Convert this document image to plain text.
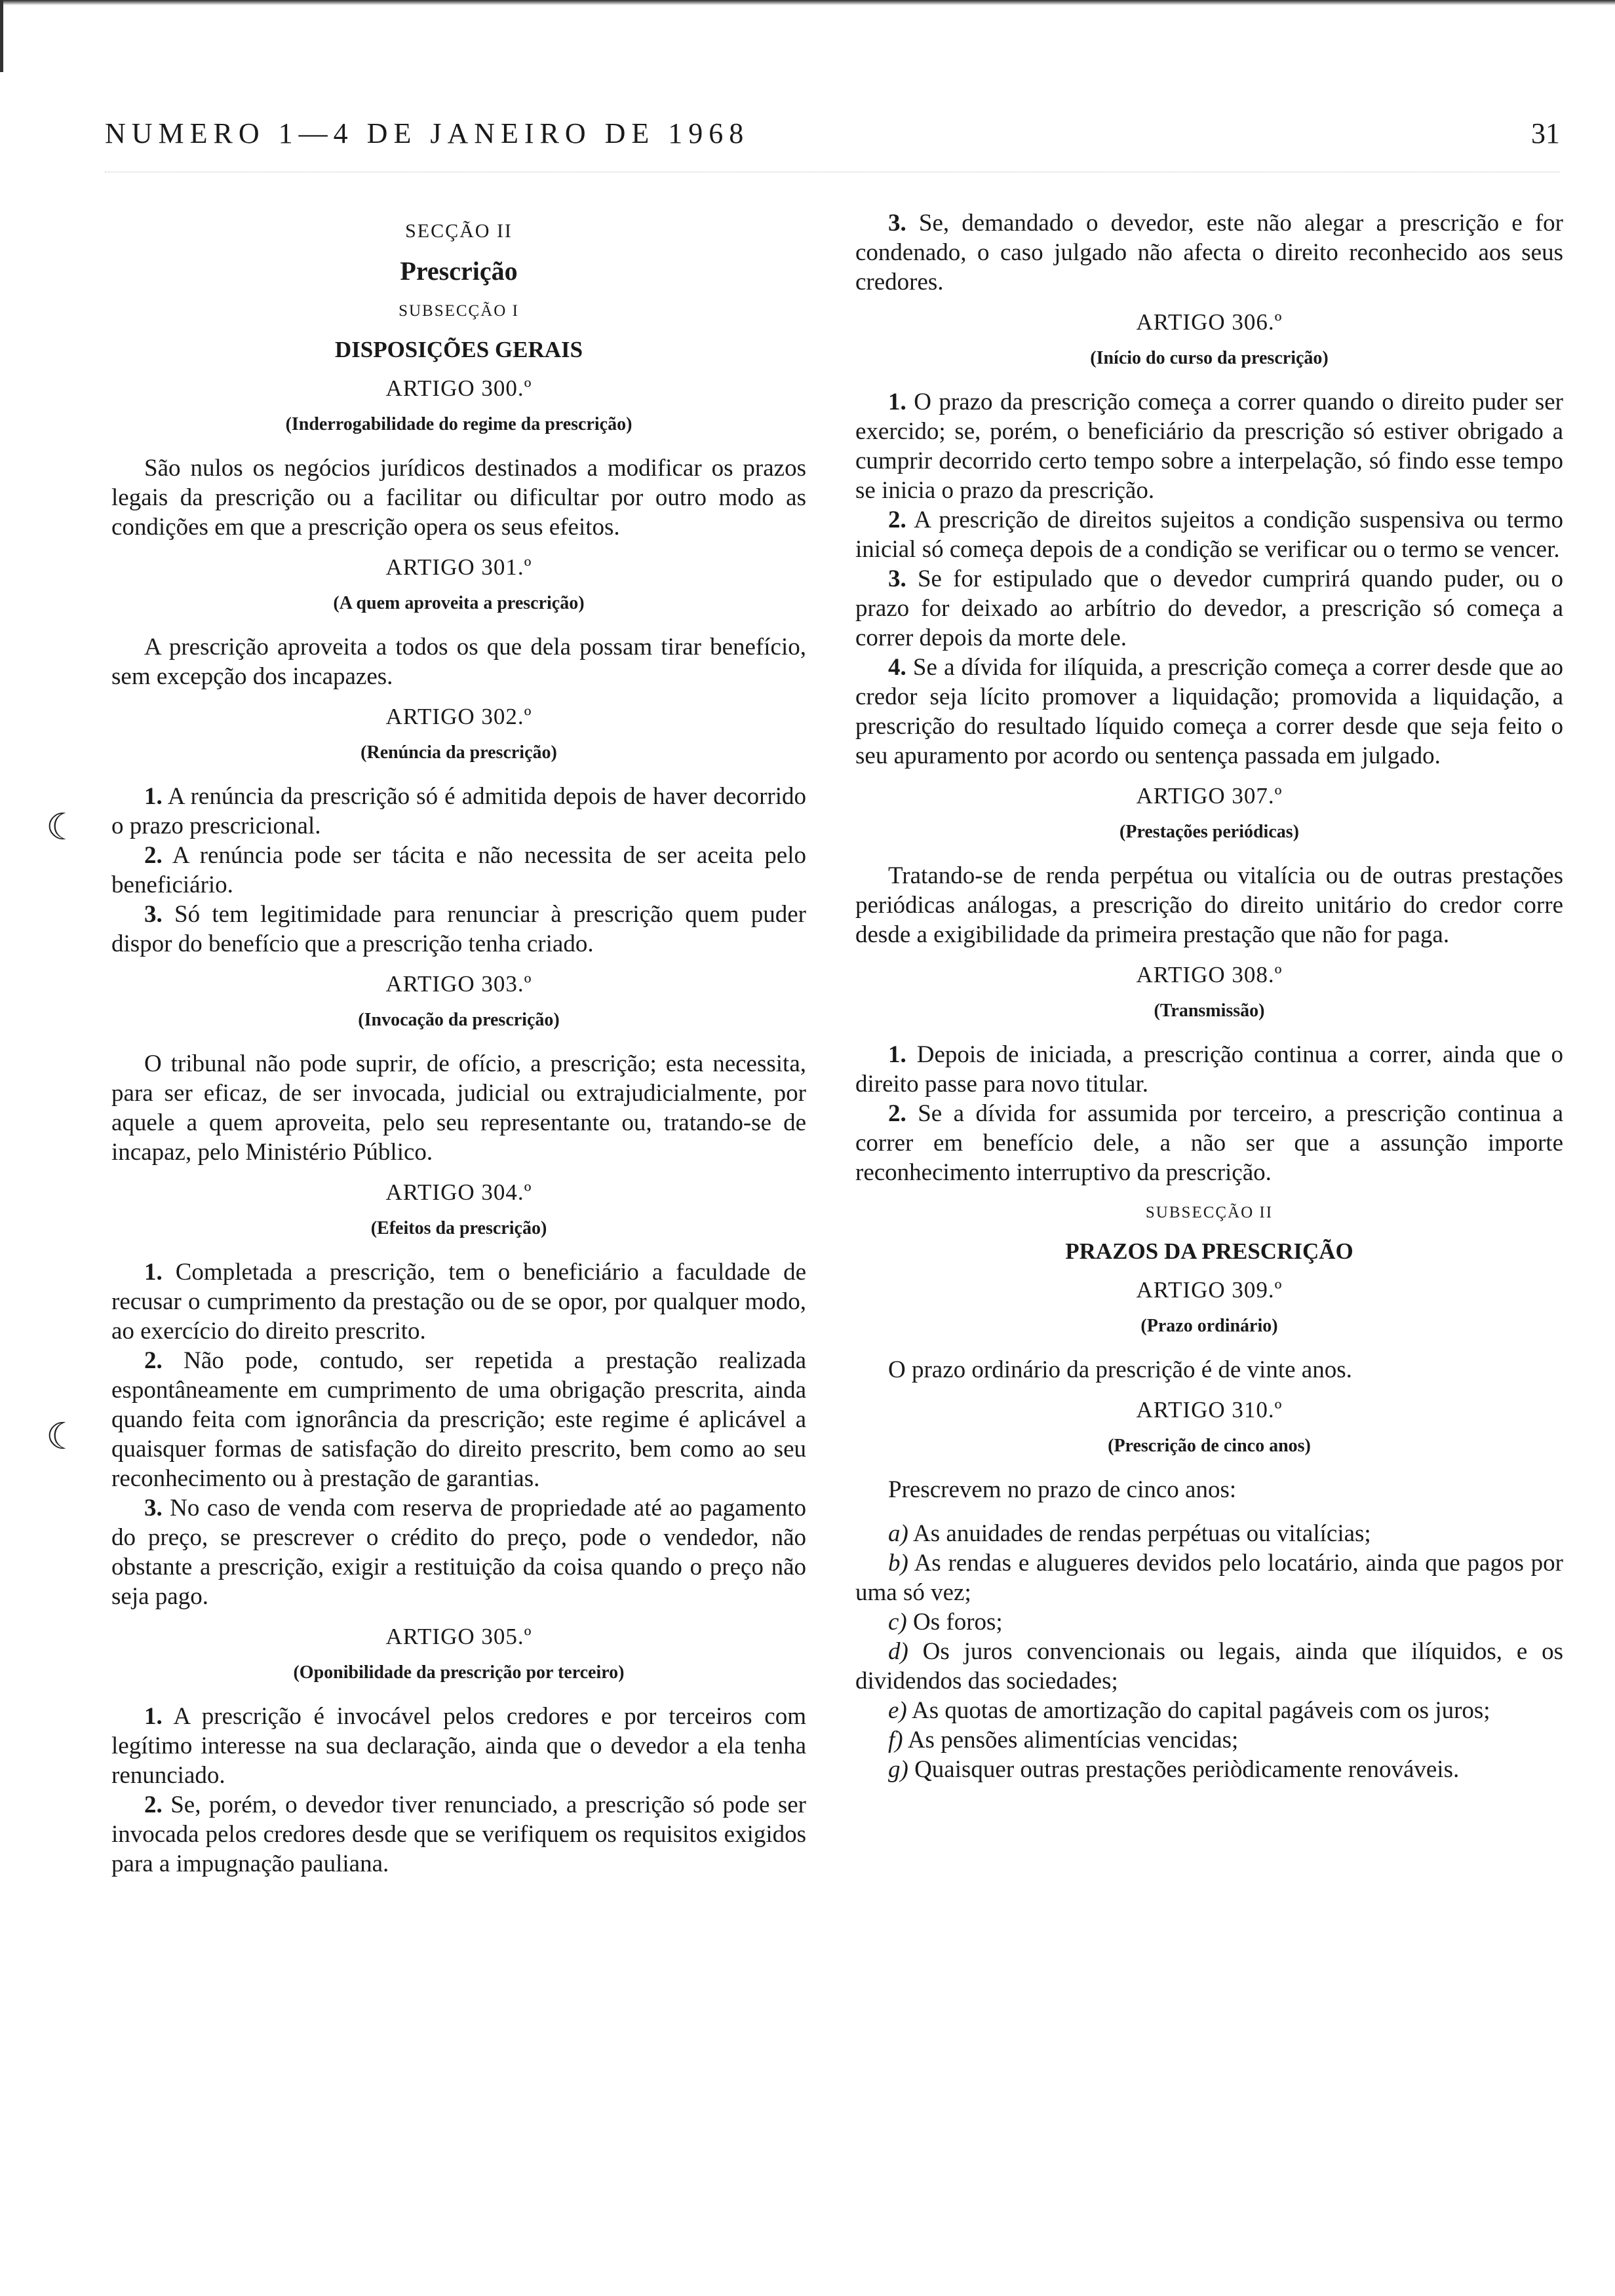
NUMERO 1—4 DE JANEIRO DE 1968	31
☾
☾
SECÇÃO II
Prescrição
SUBSECÇÃO I
DISPOSIÇÕES GERAIS
ARTIGO 300.º
(Inderrogabilidade do regime da prescrição)

São nulos os negócios jurídicos destinados a modificar os prazos legais da prescrição ou a facilitar ou dificultar por outro modo as condições em que a prescrição opera os seus efeitos.

ARTIGO 301.º
(A quem aproveita a prescrição)

A prescrição aproveita a todos os que dela possam tirar benefício, sem excepção dos incapazes.

ARTIGO 302.º
(Renúncia da prescrição)

1. A renúncia da prescrição só é admitida depois de haver decorrido o prazo prescricional.

2. A renúncia pode ser tácita e não necessita de ser aceita pelo beneficiário.

3. Só tem legitimidade para renunciar à prescrição quem puder dispor do benefício que a prescrição tenha criado.

ARTIGO 303.º
(Invocação da prescrição)

O tribunal não pode suprir, de ofício, a prescrição; esta necessita, para ser eficaz, de ser invocada, judicial ou extrajudicialmente, por aquele a quem aproveita, pelo seu representante ou, tratando-se de incapaz, pelo Ministério Público.

ARTIGO 304.º
(Efeitos da prescrição)

1. Completada a prescrição, tem o beneficiário a faculdade de recusar o cumprimento da prestação ou de se opor, por qualquer modo, ao exercício do direito prescrito.

2. Não pode, contudo, ser repetida a prestação realizada espontâneamente em cumprimento de uma obrigação prescrita, ainda quando feita com ignorância da prescrição; este regime é aplicável a quaisquer formas de satisfação do direito prescrito, bem como ao seu reconhecimento ou à prestação de garantias.

3. No caso de venda com reserva de propriedade até ao pagamento do preço, se prescrever o crédito do preço, pode o vendedor, não obstante a prescrição, exigir a restituição da coisa quando o preço não seja pago.

ARTIGO 305.º
(Oponibilidade da prescrição por terceiro)

1. A prescrição é invocável pelos credores e por terceiros com legítimo interesse na sua declaração, ainda que o devedor a ela tenha renunciado.

2. Se, porém, o devedor tiver renunciado, a prescrição só pode ser invocada pelos credores desde que se verifiquem os requisitos exigidos para a impugnação pauliana.

3. Se, demandado o devedor, este não alegar a prescrição e for condenado, o caso julgado não afecta o direito reconhecido aos seus credores.

ARTIGO 306.º
(Início do curso da prescrição)

1. O prazo da prescrição começa a correr quando o direito puder ser exercido; se, porém, o beneficiário da prescrição só estiver obrigado a cumprir decorrido certo tempo sobre a interpelação, só findo esse tempo se inicia o prazo da prescrição.

2. A prescrição de direitos sujeitos a condição suspensiva ou termo inicial só começa depois de a condição se verificar ou o termo se vencer.

3. Se for estipulado que o devedor cumprirá quando puder, ou o prazo for deixado ao arbítrio do devedor, a prescrição só começa a correr depois da morte dele.

4. Se a dívida for ilíquida, a prescrição começa a correr desde que ao credor seja lícito promover a liquidação; promovida a liquidação, a prescrição do resultado líquido começa a correr desde que seja feito o seu apuramento por acordo ou sentença passada em julgado.

ARTIGO 307.º
(Prestações periódicas)

Tratando-se de renda perpétua ou vitalícia ou de outras prestações periódicas análogas, a prescrição do direito unitário do credor corre desde a exigibilidade da primeira prestação que não for paga.

ARTIGO 308.º
(Transmissão)

1. Depois de iniciada, a prescrição continua a correr, ainda que o direito passe para novo titular.

2. Se a dívida for assumida por terceiro, a prescrição continua a correr em benefício dele, a não ser que a assunção importe reconhecimento interruptivo da prescrição.

SUBSECÇÃO II
PRAZOS DA PRESCRIÇÃO
ARTIGO 309.º
(Prazo ordinário)

O prazo ordinário da prescrição é de vinte anos.

ARTIGO 310.º
(Prescrição de cinco anos)

Prescrevem no prazo de cinco anos:

a) As anuidades de rendas perpétuas ou vitalícias;

b) As rendas e alugueres devidos pelo locatário, ainda que pagos por uma só vez;

c) Os foros;

d) Os juros convencionais ou legais, ainda que ilíquidos, e os dividendos das sociedades;

e) As quotas de amortização do capital pagáveis com os juros;

f) As pensões alimentícias vencidas;

g) Quaisquer outras prestações periòdicamente renováveis.
